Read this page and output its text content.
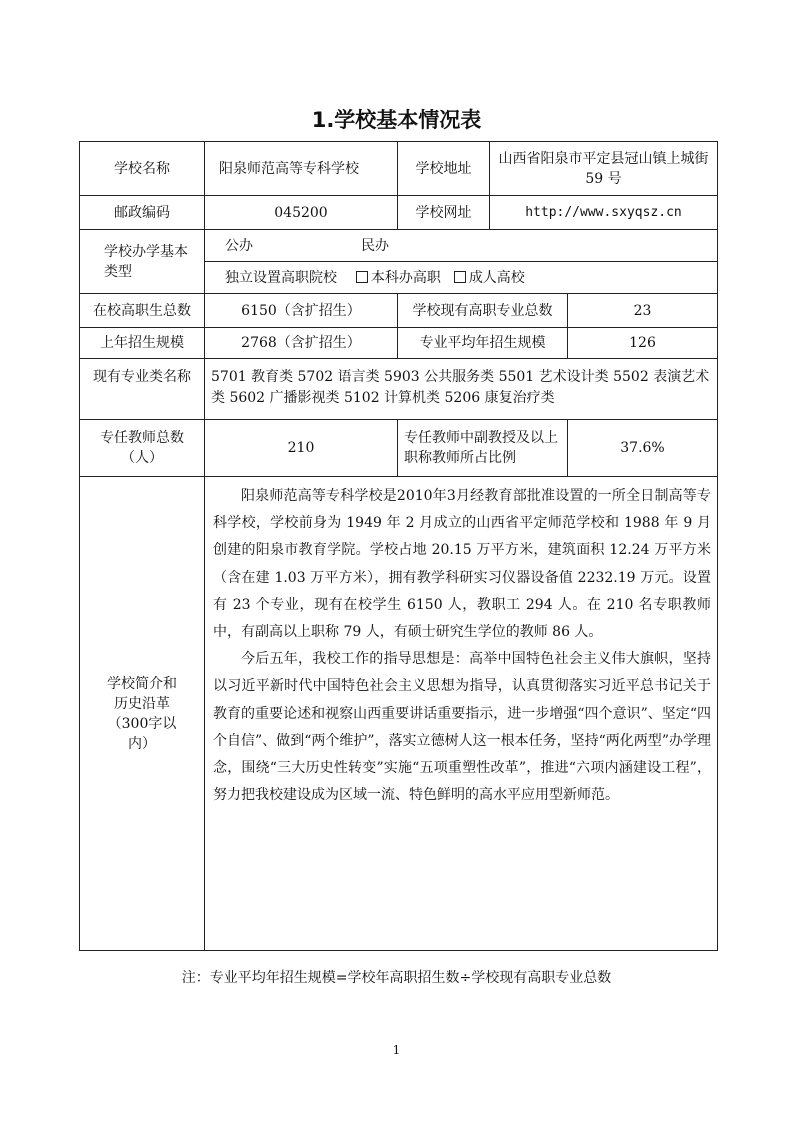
1.学校基本情况表
学校名称	阳泉师范高等专科学校	学校地址	山西省阳泉市平定县冠山镇上城街 59 号	
邮政编码	045200	学校网址	http://www.sxyqsz.cn	
学校办学基本类型	公办 民办			
	独立设置高职院校 本科办高职 成人高校			
在校高职生总数	6150（含扩招生）	学校现有高职专业总数		23
上年招生规模	2768（含扩招生）	专业平均年招生规模		126
现有专业类名称	5701 教育类 5702 语言类 5903 公共服务类 5501 艺术设计类 5502 表演艺术类 5602 广播影视类 5102 计算机类 5206 康复治疗类			
专任教师总数（人）	210	专任教师中副教授及以上职称教师所占比例		37.6%
学校简介和历史沿革（300字以内）	阳泉师范高等专科学校是2010年3月经教育部批准设置的一所全日制高等专科学校，学校前身为 1949 年 2 月成立的山西省平定师范学校和 1988 年 9 月创建的阳泉市教育学院。学校占地 20.15 万平方米，建筑面积 12.24 万平方米（含在建 1.03 万平方米），拥有教学科研实习仪器设备值 2232.19 万元。设置有 23 个专业，现有在校学生 6150 人，教职工 294 人。在 210 名专职教师中，有副高以上职称 79 人，有硕士研究生学位的教师 86 人。

今后五年，我校工作的指导思想是：高举中国特色社会主义伟大旗帜，坚持以习近平新时代中国特色社会主义思想为指导，认真贯彻落实习近平总书记关于教育的重要论述和视察山西重要讲话重要指示，进一步增强“四个意识”、坚定“四个自信”、做到“两个维护”，落实立德树人这一根本任务，坚持“两化两型”办学理念，围绕“三大历史性转变”实施“五项重塑性改革”，推进“六项内涵建设工程”，努力把我校建设成为区域一流、特色鲜明的高水平应用型新师范。			

注：专业平均年招生规模=学校年高职招生数÷学校现有高职专业总数
1
